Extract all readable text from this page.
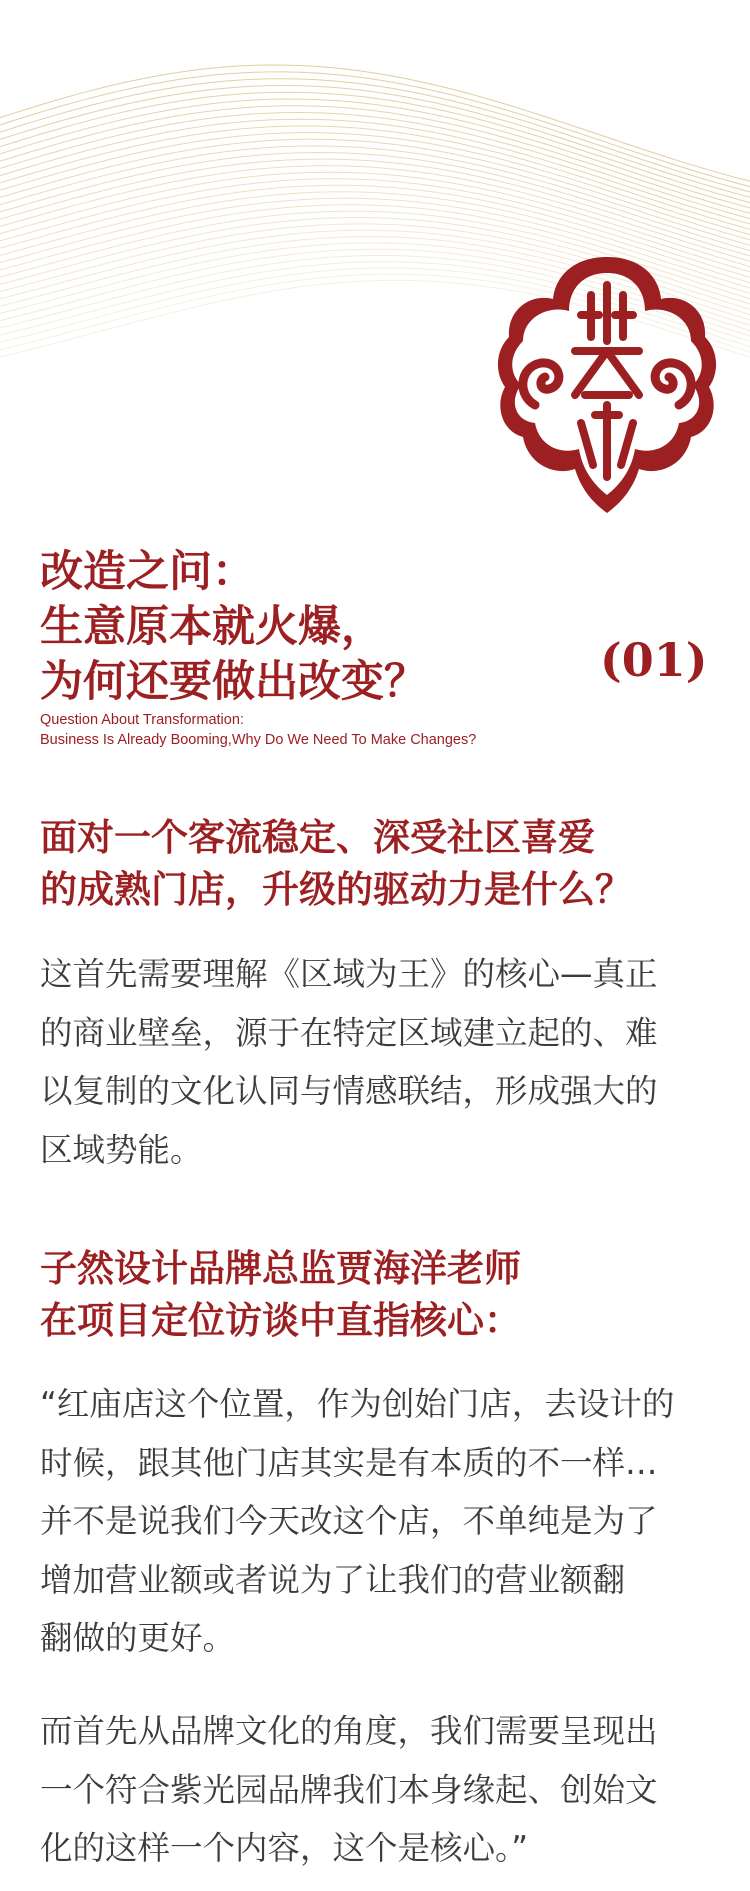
改造之问：
生意原本就火爆，
为何还要做出改变？	(01)
Question About Transformation:
Business Is Already Booming,Why Do We Need To Make Changes?
面对一个客流稳定、深受社区喜爱
的成熟门店，升级的驱动力是什么？
这首先需要理解《区域为王》的核心—真正
的商业壁垒，源于在特定区域建立起的、难
以复制的文化认同与情感联结，形成强大的
区域势能。
子然设计品牌总监贾海洋老师
在项目定位访谈中直指核心：
“红庙店这个位置，作为创始门店，去设计的
时候，跟其他门店其实是有本质的不一样…
并不是说我们今天改这个店，不单纯是为了
增加营业额或者说为了让我们的营业额翻
翻做的更好。
而首先从品牌文化的角度，我们需要呈现出
一个符合紫光园品牌我们本身缘起、创始文
化的这样一个内容，这个是核心。”
